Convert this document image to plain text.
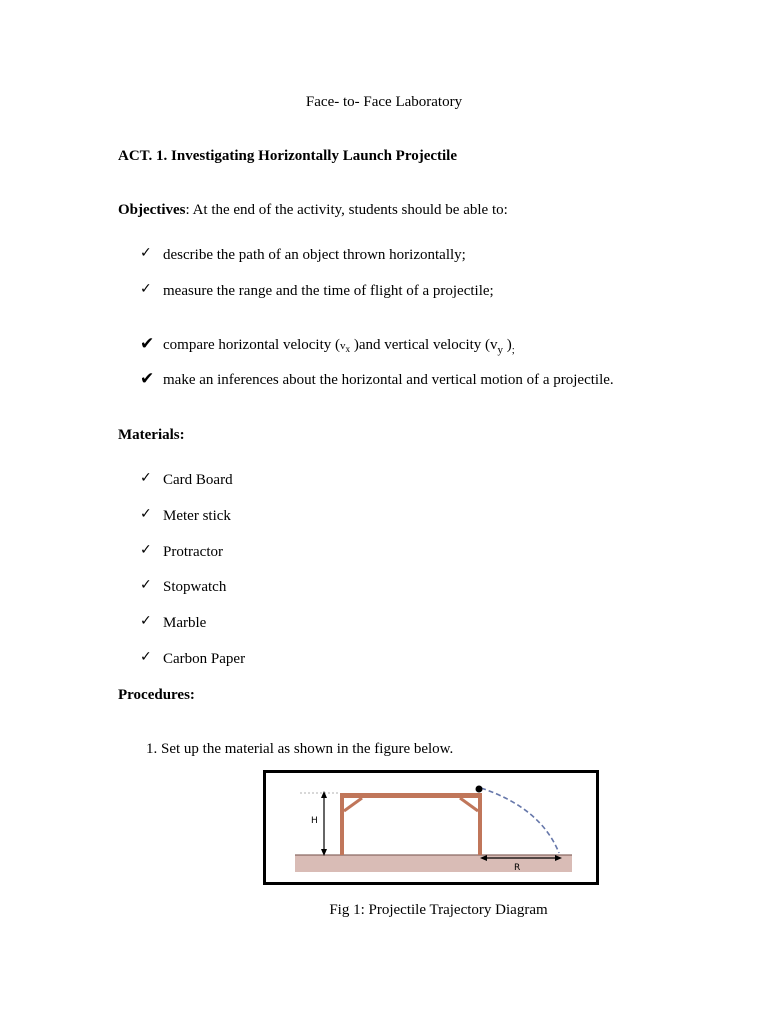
Face- to- Face Laboratory
ACT. 1. Investigating Horizontally Launch Projectile
Objectives: At the end of the activity, students should be able to:
✓ describe the path of an object thrown horizontally;
✓ measure the range and the time of flight of a projectile;
✔ compare horizontal velocity ($v_x$ )and vertical velocity ($v_y$ )$_;$
✔ make an inferences about the horizontal and vertical motion of a projectile.
Materials:
✓ Card Board
✓ Meter stick
✓ Protractor
✓ Stopwatch
✓ Marble
✓ Carbon Paper
Procedures:
1. Set up the material as shown in the figure below.
H
R
Fig 1: Projectile Trajectory Diagram
